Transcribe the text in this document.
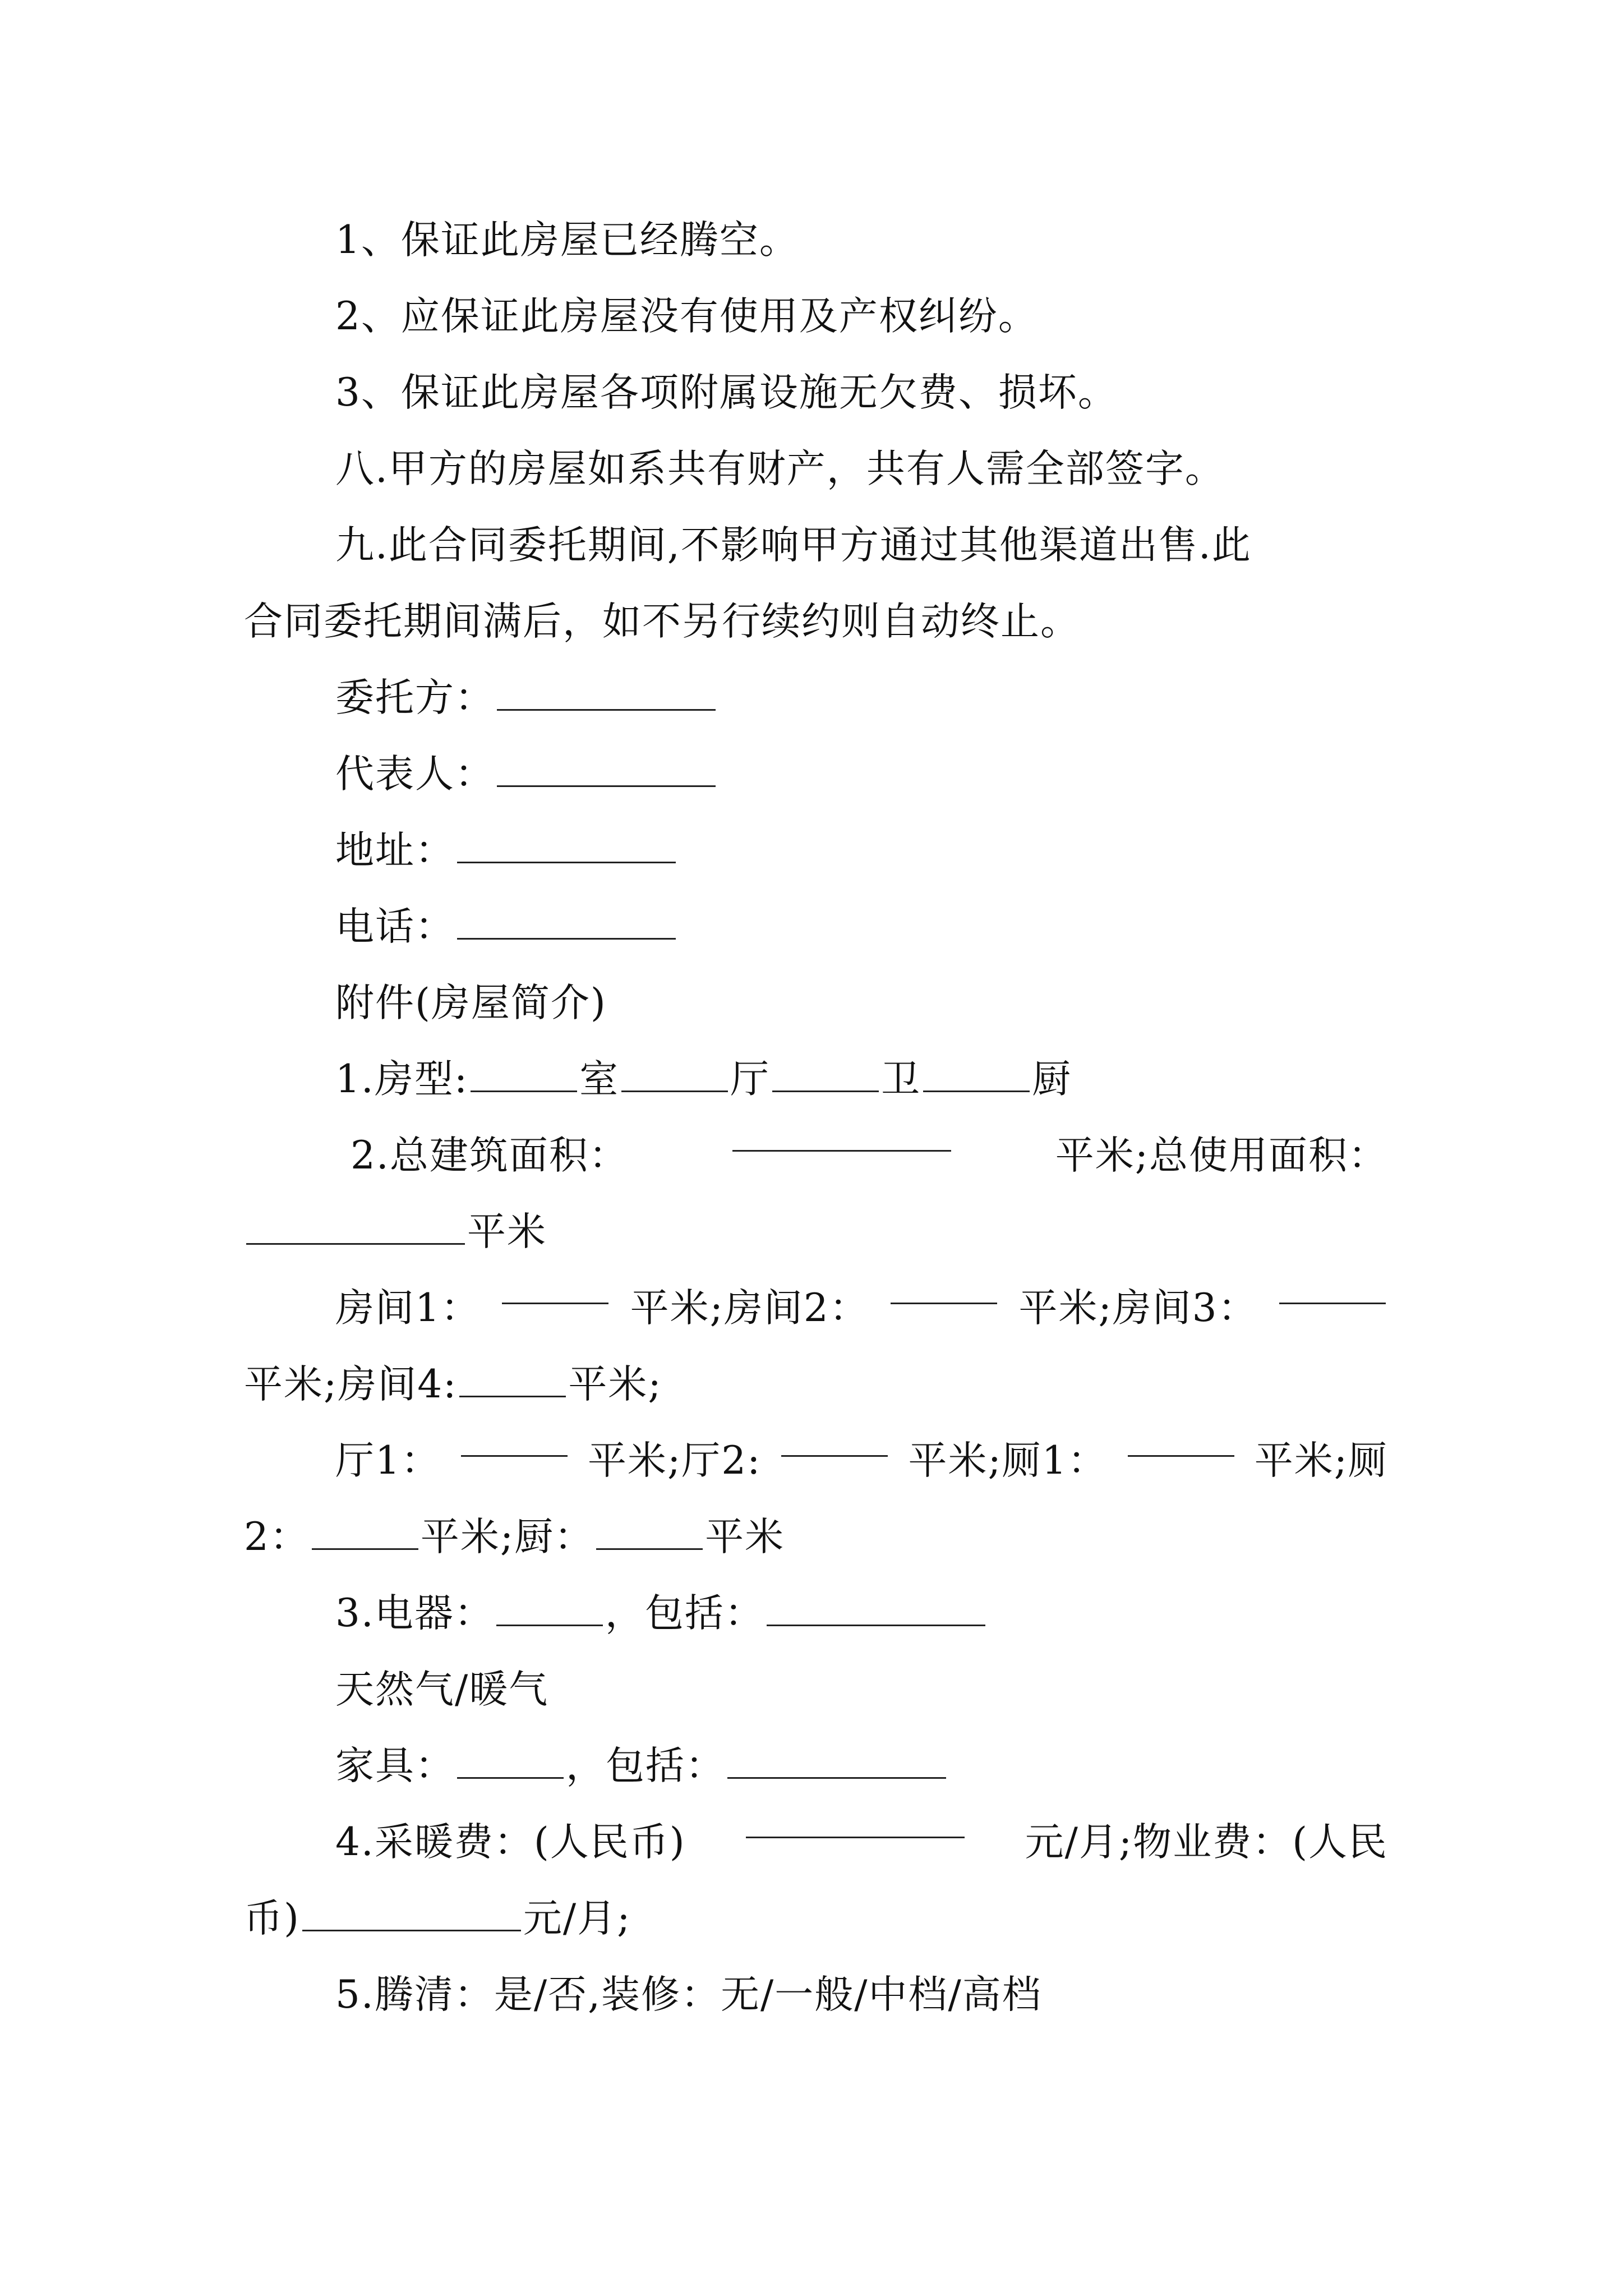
1、保证此房屋已经腾空。
2、应保证此房屋没有使用及产权纠纷。
3、保证此房屋各项附属设施无欠费、损坏。
八.甲方的房屋如系共有财产，共有人需全部签字。
九.此合同委托期间,不影响甲方通过其他渠道出售.此
合同委托期间满后，如不另行续约则自动终止。
委托方：
代表人：
地址：
电话：
附件(房屋简介)
1.房型:	室	厅	卫	厨
2.总建筑面积：	平米;总使用面积：
平米
房间1：	平米;房间2：	平米;房间3：
平米;房间4:	平米;
厅1：	平米;厅2:	平米;厕1：	平米;厕
2：	平米;厨：	平米
3.电器：	，包括：
天然气/暖气
家具：	，包括：
4.采暖费：(人民币)	元/月;物业费：(人民
币)	元/月;
5.腾清：是/否,装修：无/一般/中档/高档
